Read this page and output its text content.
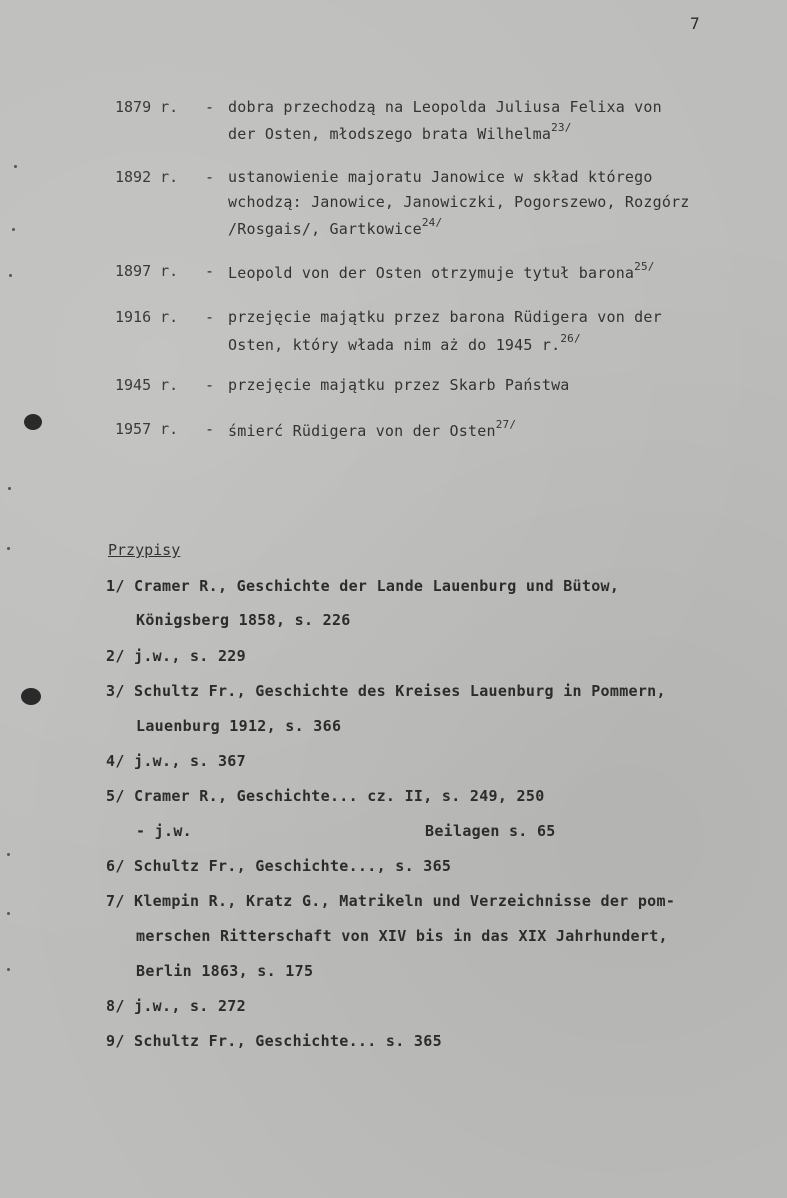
7
1879 r. - dobra przechodzą na Leopolda Juliusa Felixa von
der Osten, młodszego brata Wilhelma$^{23/}$
1892 r. - ustanowienie majoratu Janowice w skład którego
wchodzą: Janowice, Janowiczki, Pogorszewo, Rozgórz
/Rosgais/, Gartkowice$^{24/}$
1897 r. - Leopold von der Osten otrzymuje tytuł barona$^{25/}$
1916 r. - przejęcie majątku przez barona Rüdigera von der
Osten, który włada nim aż do 1945 r.$^{26/}$
1945 r. - przejęcie majątku przez Skarb Państwa
1957 r. - śmierć Rüdigera von der Osten$^{27/}$
Przypisy
1/ Cramer R., Geschichte der Lande Lauenburg und Bütow,
Königsberg 1858, s. 226
2/ j.w., s. 229
3/ Schultz Fr., Geschichte des Kreises Lauenburg in Pommern,
Lauenburg 1912, s. 366
4/ j.w., s. 367
5/ Cramer R., Geschichte... cz. II, s. 249, 250
- j.w.	Beilagen s. 65
6/ Schultz Fr., Geschichte..., s. 365
7/ Klempin R., Kratz G., Matrikeln und Verzeichnisse der pom-
merschen Ritterschaft von XIV bis in das XIX Jahrhundert,
Berlin 1863, s. 175
8/ j.w., s. 272
9/ Schultz Fr., Geschichte... s. 365
